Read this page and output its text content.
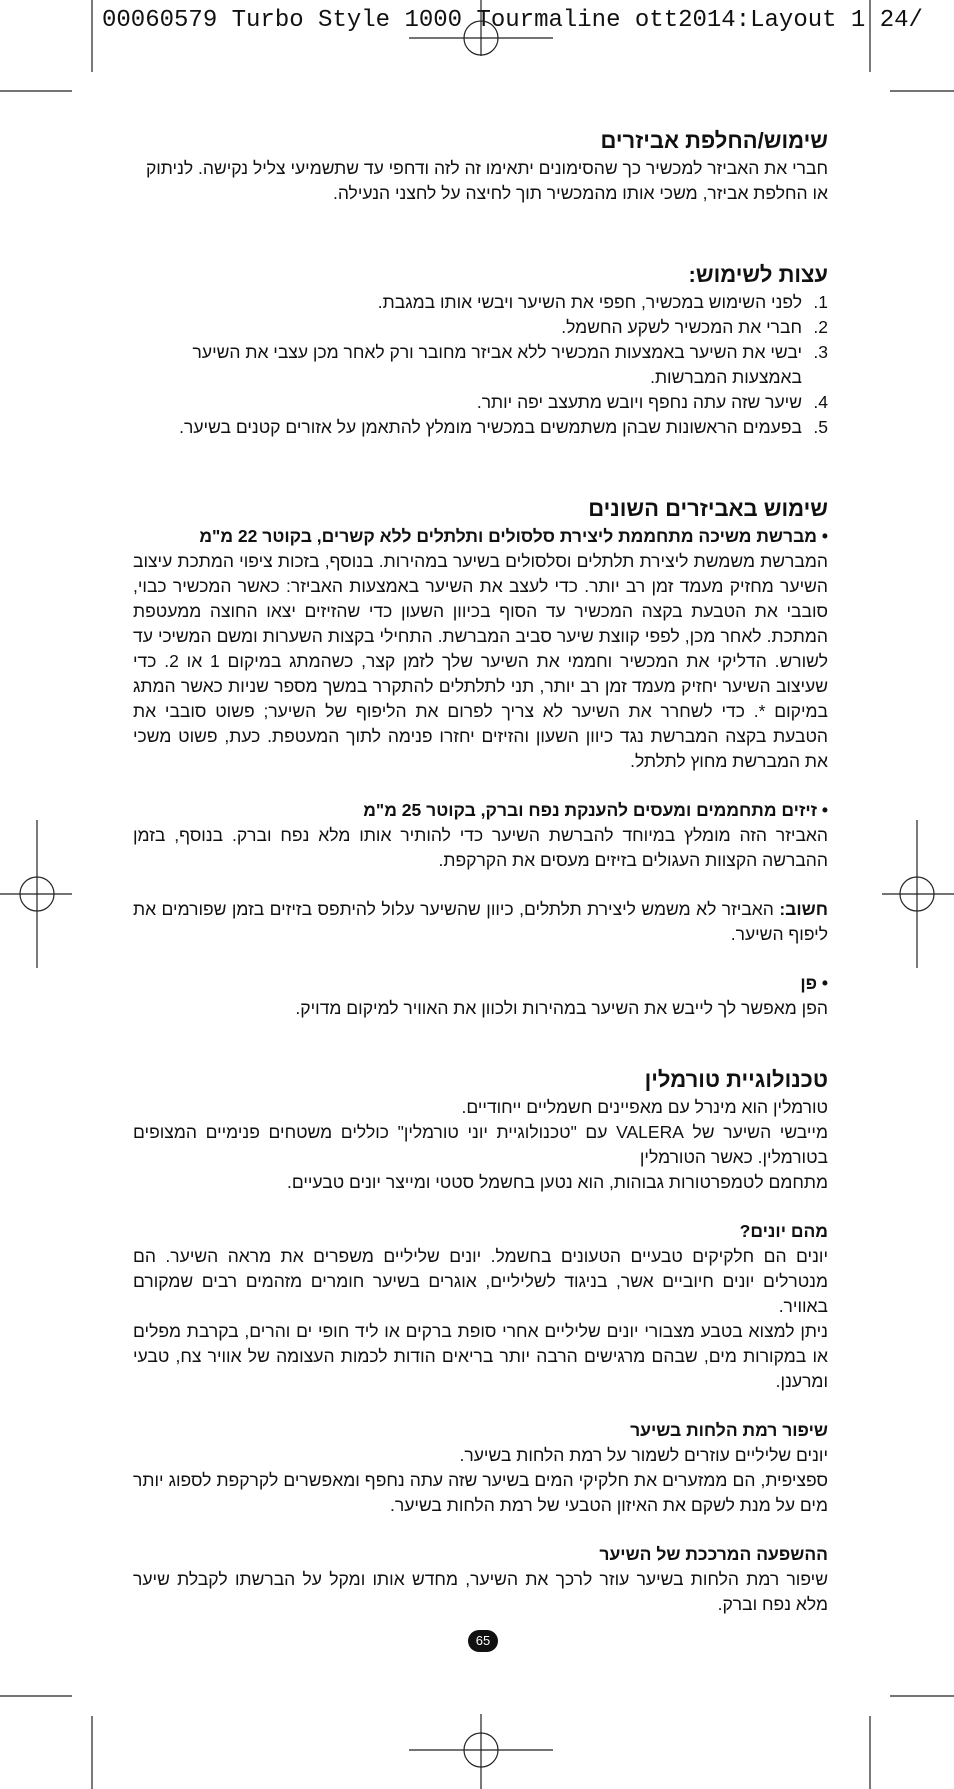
00060579 Turbo Style 1000 Tourmaline ott2014:Layout 1 24/
שימוש/החלפת אביזרים

חברי את האביזר למכשיר כך שהסימונים יתאימו זה לזה ודחפי עד שתשמיעי צליל נקישה. לניתוק או החלפת אביזר, משכי אותו מהמכשיר תוך לחיצה על לחצני הנעילה.

עצות לשימוש:
1.
לפני השימוש במכשיר, חפפי את השיער ויבשי אותו במגבת.
2.
חברי את המכשיר לשקע החשמל.
3.
יבשי את השיער באמצעות המכשיר ללא אביזר מחובר ורק לאחר מכן עצבי את השיער באמצעות המברשות.
4.
שיער שזה עתה נחפף ויובש מתעצב יפה יותר.
5.
בפעמים הראשונות שבהן משתמשים במכשיר מומלץ להתאמן על אזורים קטנים בשיער.
שימוש באביזרים השונים

• מברשת משיכה מתחממת ליצירת סלסולים ותלתלים ללא קשרים, בקוטר 22 מ"מ

המברשת משמשת ליצירת תלתלים וסלסולים בשיער במהירות. בנוסף, בזכות ציפוי המתכת עיצוב השיער מחזיק מעמד זמן רב יותר. כדי לעצב את השיער באמצעות האביזר: כאשר המכשיר כבוי, סובבי את הטבעת בקצה המכשיר עד הסוף בכיוון השעון כדי שהזיזים יצאו החוצה ממעטפת המתכת. לאחר מכן, לפפי קווצת שיער סביב המברשת. התחילי בקצות השערות ומשם המשיכי עד לשורש. הדליקי את המכשיר וחממי את השיער שלך לזמן קצר, כשהמתג במיקום 1 או 2. כדי שעיצוב השיער יחזיק מעמד זמן רב יותר, תני לתלתלים להתקרר במשך מספר שניות כאשר המתג במיקום *. כדי לשחרר את השיער לא צריך לפרום את הליפוף של השיער; פשוט סובבי את הטבעת בקצה המברשת נגד כיוון השעון והזיזים יחזרו פנימה לתוך המעטפת. כעת, פשוט משכי את המברשת מחוץ לתלתל.

• זיזים מתחממים ומעסים להענקת נפח וברק, בקוטר 25 מ"מ

האביזר הזה מומלץ במיוחד להברשת השיער כדי להותיר אותו מלא נפח וברק. בנוסף, בזמן ההברשה הקצוות העגולים בזיזים מעסים את הקרקפת.

חשוב: האביזר לא משמש ליצירת תלתלים, כיוון שהשיער עלול להיתפס בזיזים בזמן שפורמים את ליפוף השיער.

• פן

הפן מאפשר לך לייבש את השיער במהירות ולכוון את האוויר למיקום מדויק.

טכנולוגיית טורמלין

טורמלין הוא מינרל עם מאפיינים חשמליים ייחודיים.

מייבשי השיער של VALERA עם "טכנולוגיית יוני טורמלין" כוללים משטחים פנימיים המצופים בטורמלין. כאשר הטורמלין

מתחמם לטמפרטורות גבוהות, הוא נטען בחשמל סטטי ומייצר יונים טבעיים.

מהם יונים?

יונים הם חלקיקים טבעיים הטעונים בחשמל. יונים שליליים משפרים את מראה השיער. הם מנטרלים יונים חיוביים אשר, בניגוד לשליליים, אוגרים בשיער חומרים מזהמים רבים שמקורם באוויר.

ניתן למצוא בטבע מצבורי יונים שליליים אחרי סופת ברקים או ליד חופי ים והרים, בקרבת מפלים או במקורות מים, שבהם מרגישים הרבה יותר בריאים הודות לכמות העצומה של אוויר צח, טבעי ומרענן.

שיפור רמת הלחות בשיער

יונים שליליים עוזרים לשמור על רמת הלחות בשיער.

ספציפית, הם ממזערים את חלקיקי המים בשיער שזה עתה נחפף ומאפשרים לקרקפת לספוג יותר מים על מנת לשקם את האיזון הטבעי של רמת הלחות בשיער.

ההשפעה המרככת של השיער

שיפור רמת הלחות בשיער עוזר לרכך את השיער, מחדש אותו ומקל על הברשתו לקבלת שיער מלא נפח וברק.

65
